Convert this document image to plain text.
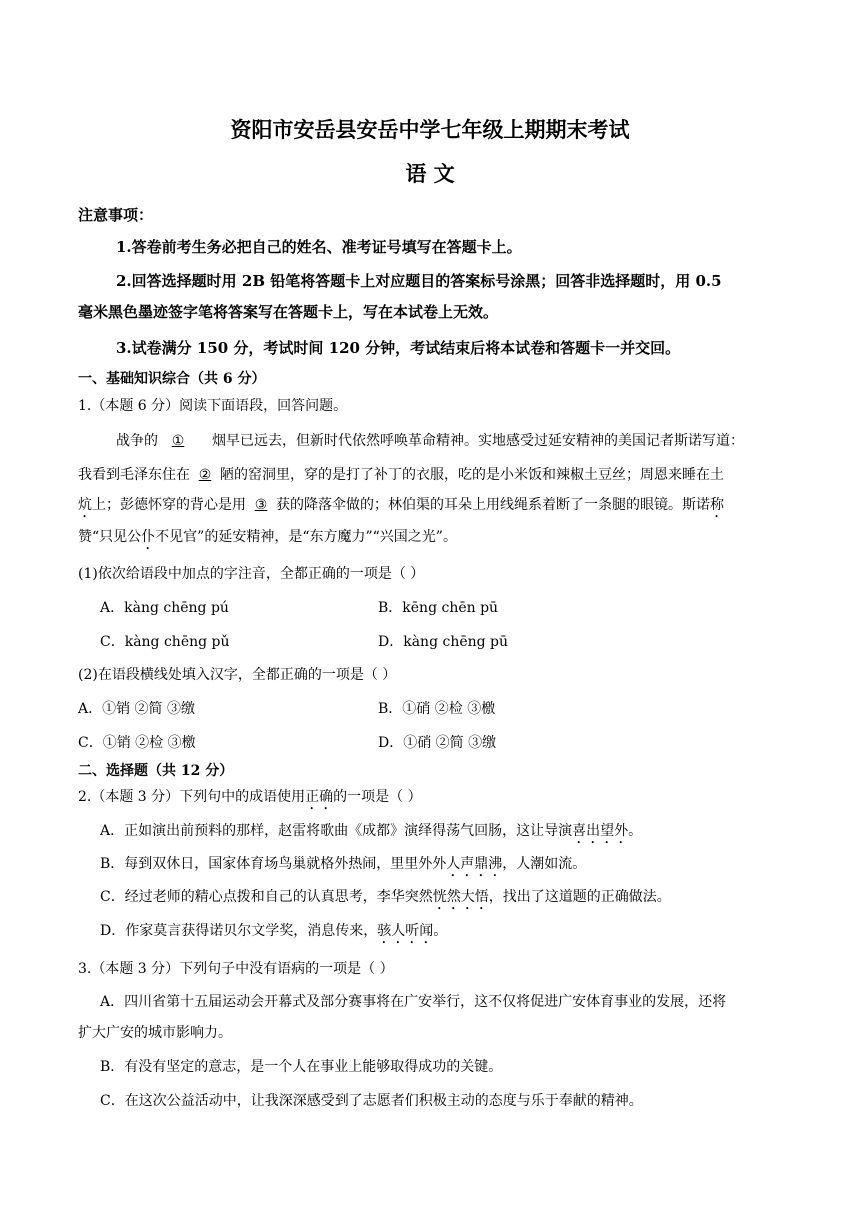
资阳市安岳县安岳中学七年级上期期末考试
语 文
注意事项：
1.答卷前考生务必把自己的姓名、准考证号填写在答题卡上。
2.回答选择题时用 2B 铅笔将答题卡上对应题目的答案标号涂黑；回答非选择题时，用 0.5
毫米黑色墨迹签字笔将答案写在答题卡上，写在本试卷上无效。
3.试卷满分 150 分，考试时间 120 分钟，考试结束后将本试卷和答题卡一并交回。
一、基础知识综合（共 6 分）
1.（本题 6 分）阅读下面语段，回答问题。
战争的 ① 烟早已远去，但新时代依然呼唤革命精神。实地感受过延安精神的美国记者斯诺写道：
我看到毛泽东住在 ② 陋的窑洞里，穿的是打了补丁的衣服，吃的是小米饭和辣椒土豆丝；周恩来睡在土
炕上；彭德怀穿的背心是用 ③ 获的降落伞做的；林伯渠的耳朵上用线绳系着断了一条腿的眼镜。斯诺称
赞“只见公仆不见官”的延安精神，是“东方魔力”“兴国之光”。
(1)依次给语段中加点的字注音，全都正确的一项是（ ）
A．kàng chēng pú	B．kēng chēn pū
C．kàng chēng pǔ	D．kàng chēng pū
(2)在语段横线处填入汉字，全都正确的一项是（ ）
A．①销 ②简 ③缴	B．①硝 ②检 ③檄
C．①销 ②检 ③檄	D．①硝 ②简 ③缴
二、选择题（共 12 分）
2.（本题 3 分）下列句中的成语使用正确的一项是（ ）
A．正如演出前预料的那样，赵雷将歌曲《成都》演绎得荡气回肠，这让导演喜出望外。
B．每到双休日，国家体育场鸟巢就格外热闹，里里外外人声鼎沸，人潮如流。
C．经过老师的精心点拨和自己的认真思考，李华突然恍然大悟，找出了这道题的正确做法。
D．作家莫言获得诺贝尔文学奖，消息传来，骇人听闻。
3.（本题 3 分）下列句子中没有语病的一项是（ ）
A．四川省第十五届运动会开幕式及部分赛事将在广安举行，这不仅将促进广安体育事业的发展，还将
扩大广安的城市影响力。
B．有没有坚定的意志，是一个人在事业上能够取得成功的关键。
C．在这次公益活动中，让我深深感受到了志愿者们积极主动的态度与乐于奉献的精神。
